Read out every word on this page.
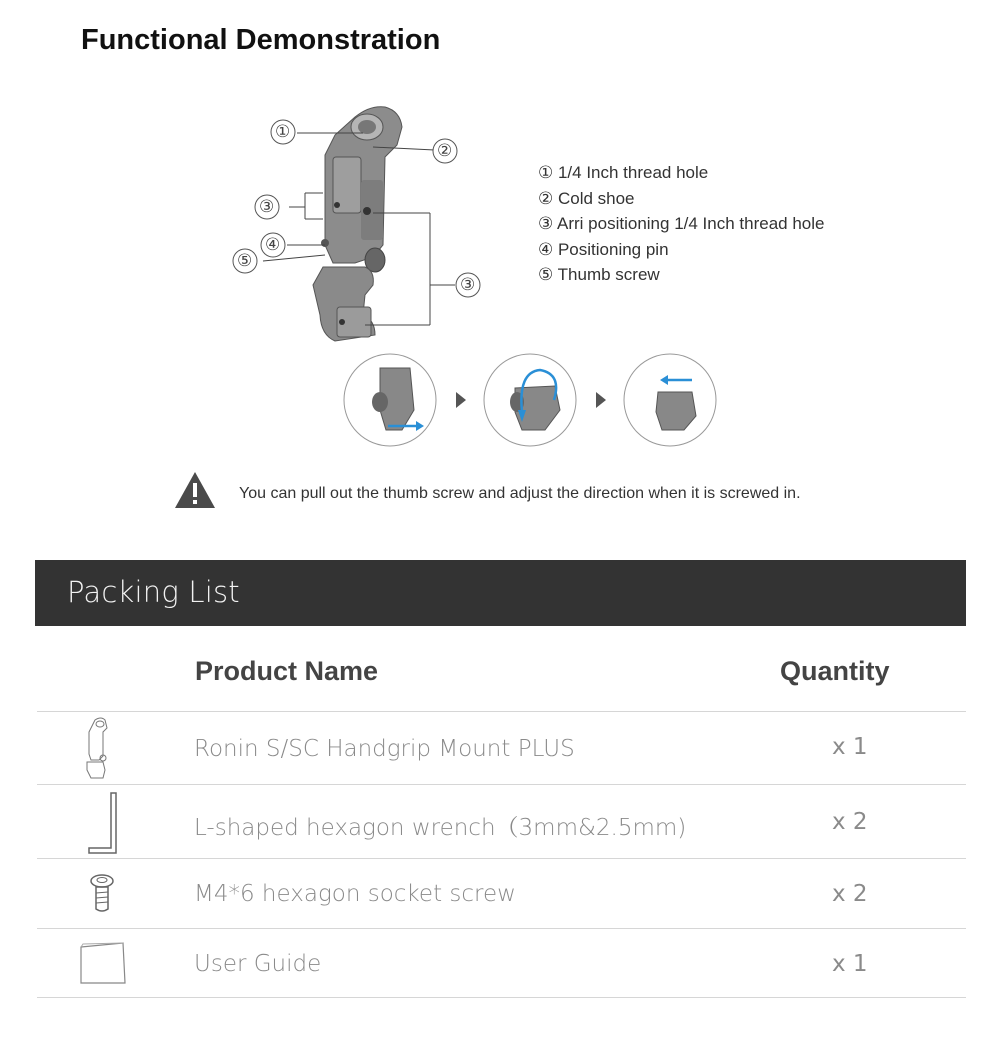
Functional Demonstration
①
②
③
④
⑤
③
① 1/4 Inch thread hole
② Cold shoe
③ Arri positioning 1/4 Inch thread hole
④ Positioning pin
⑤ Thumb screw
You can pull out the thumb screw and adjust the direction when it is screwed in.
Packing List
Product Name	Quantity
Ronin S/SC Handgrip Mount PLUS	x 1
L-shaped hexagon wrench（3mm&2.5mm)	x 2
M4*6 hexagon socket screw	x 2
User Guide	x 1
